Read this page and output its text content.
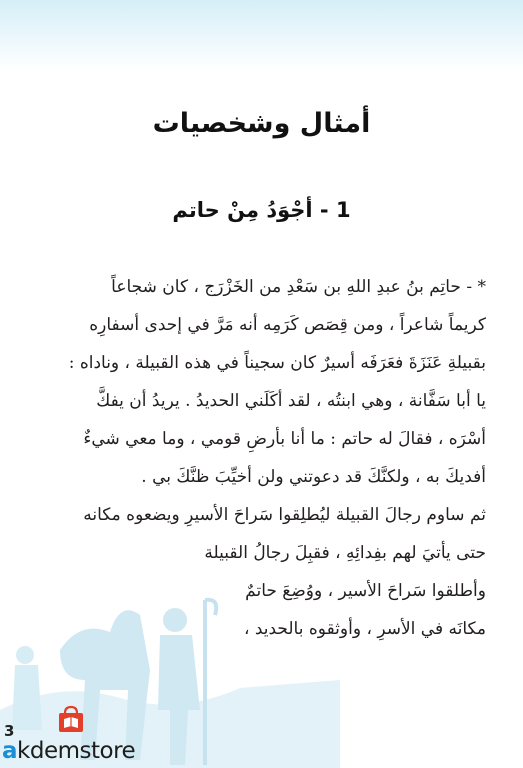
أمثال وشخصيات
1 - أجْوَدُ مِنْ حاتم
* - حاتِم بنُ عبدِ اللهِ بن سَعْدِ من الخَزْرَج ، كان شجاعاً
كريماً شاعراً ، ومن قِصَص كَرَمِه أنه مَرَّ في إحدى أسفارِه
بقبيلةِ عَنَزَةَ فعَرَفَه أسيرٌ كان سجيناً في هذه القبيلة ، وناداه :
يا أبا سَفَّانة ، وهي ابنتُه ، لقد أكَلَني الحديدُ . يريدُ أن يفكَّ
أسْرَه ، فقالَ له حاتم : ما أنا بأرضِ قومي ، وما معي شيءٌ
أفديكَ به ، ولكنَّكَ قد دعوتني ولن أخيِّبَ ظنَّكَ بي .
ثم ساوم رجالَ القبيلة ليُطلِقوا سَراحَ الأسيرِ ويضعوه مكانه
حتى يأتيَ لهم بفِدائِهِ ، فقبِلَ رجالُ القبيلة
وأطلقوا سَراحَ الأسير ، ووُضِعَ حاتمٌ
مكانَه في الأسرِ ، وأوثقوه بالحديد ،
3
akdemstore
